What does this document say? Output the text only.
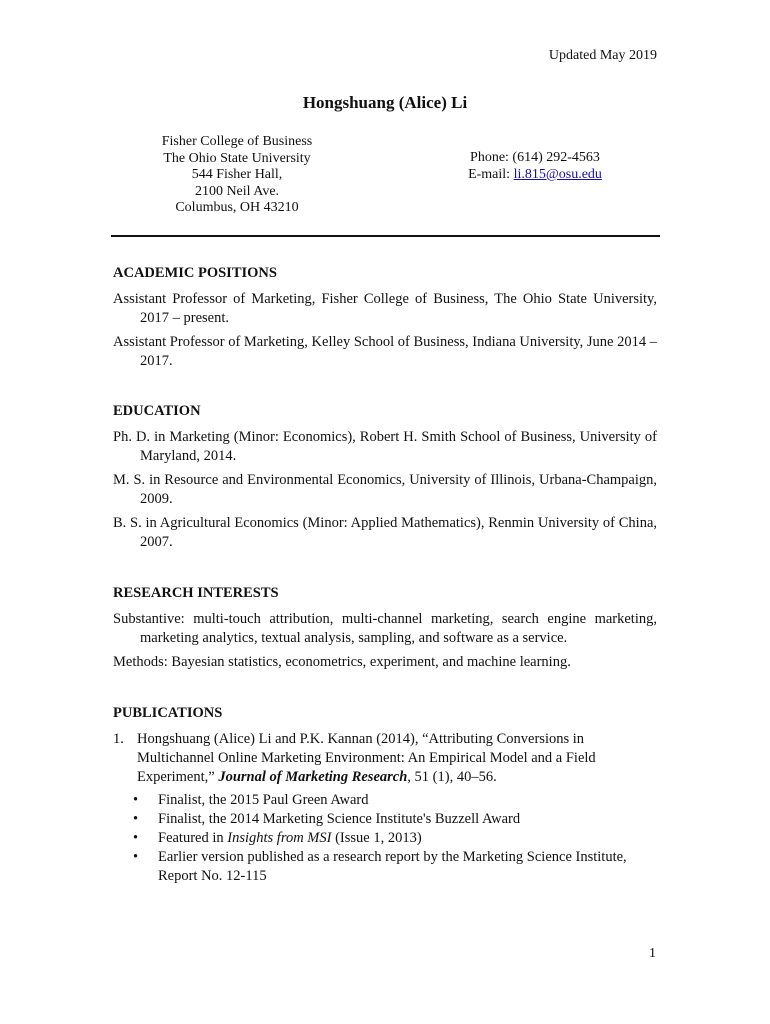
Updated May 2019
Hongshuang (Alice) Li
Fisher College of Business
The Ohio State University
544 Fisher Hall,
2100 Neil Ave.
Columbus, OH 43210
Phone: (614) 292-4563
E-mail: li.815@osu.edu
ACADEMIC POSITIONS
Assistant Professor of Marketing, Fisher College of Business, The Ohio State University, 2017 – present.
Assistant Professor of Marketing, Kelley School of Business, Indiana University, June 2014 – 2017.
EDUCATION
Ph. D. in Marketing (Minor: Economics), Robert H. Smith School of Business, University of Maryland, 2014.
M. S. in Resource and Environmental Economics, University of Illinois, Urbana-Champaign, 2009.
B. S. in Agricultural Economics (Minor: Applied Mathematics), Renmin University of China, 2007.
RESEARCH INTERESTS
Substantive: multi-touch attribution, multi-channel marketing, search engine marketing, marketing analytics, textual analysis, sampling, and software as a service.
Methods: Bayesian statistics, econometrics, experiment, and machine learning.
PUBLICATIONS
1. Hongshuang (Alice) Li and P.K. Kannan (2014), “Attributing Conversions in Multichannel Online Marketing Environment: An Empirical Model and a Field Experiment,” Journal of Marketing Research, 51 (1), 40–56.
• Finalist, the 2015 Paul Green Award
• Finalist, the 2014 Marketing Science Institute's Buzzell Award
• Featured in Insights from MSI (Issue 1, 2013)
• Earlier version published as a research report by the Marketing Science Institute, Report No. 12-115
1
